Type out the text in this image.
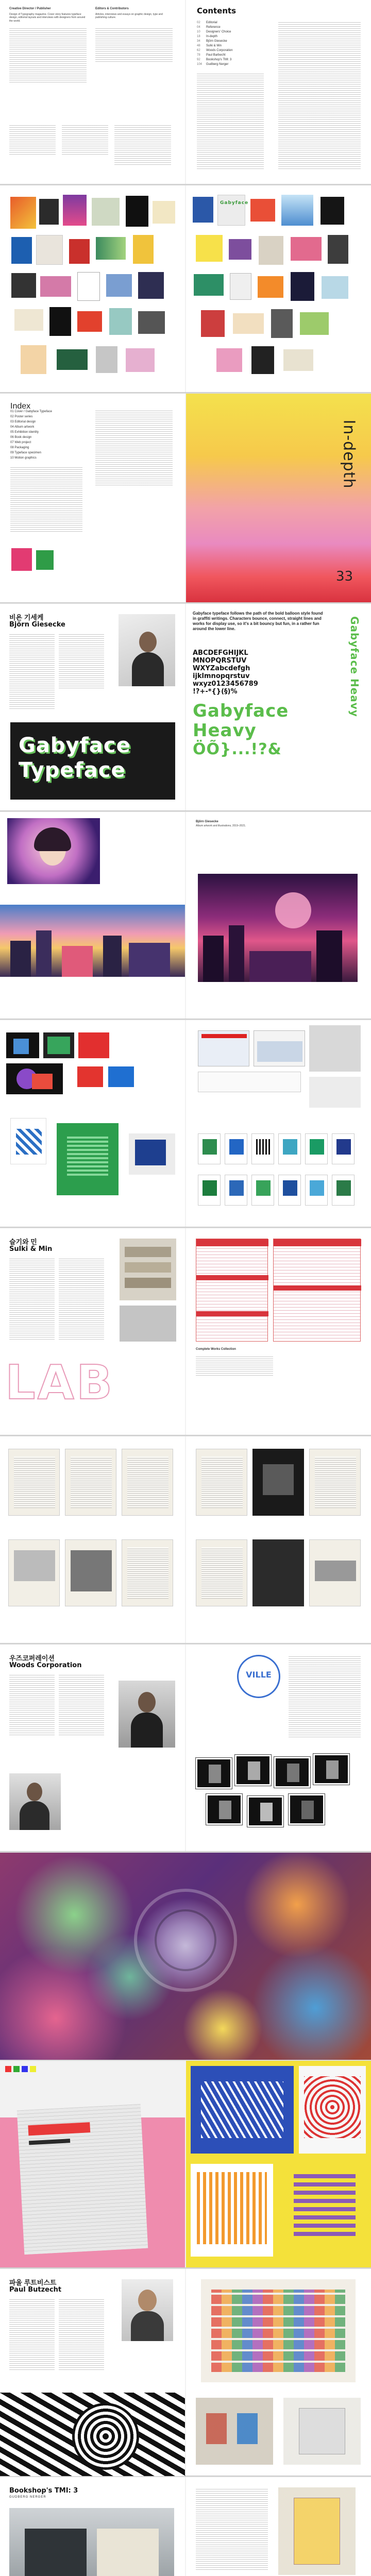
Creative Director / Publisher
Design of Typography magazine. Cover story features typeface design, editorial layouts and interviews with designers from around the world.
Editors & Contributors
Articles, interviews and essays on graphic design, type and publishing culture.
Contents
02	Editorial
04	Reference
10	Designers' Choice
18	In-depth
34	Björn Giesecke
48	Sulki & Min
62	Woods Corporation
78	Paul Barbecht
92	Bookshop's TMI: 3
104	Gudberg Nerger
Gabyface
Index
01 Cover / Gabyface Typeface
02 Poster series
03 Editorial design
04 Album artwork
05 Exhibition identity
06 Book design
07 Web project
08 Packaging
09 Typeface specimen
10 Motion graphics	In-depth
33
비욘 기세케
Björn Giesecke
Gabyface
Typeface
Gabyface typeface follows the path of the bold balloon style found in graffiti writings. Characters bounce, connect, straight lines and works for display use, so it's a bit bouncy but fun, in a rather fun around the lower line.
ABCDEFGHIJKL
MNOPQRSTUV
WXYZabcdefgh
ijklmnopqrstuv
wxyz0123456789
!?+-*{}(§)%
Gabyface
Heavy
ÖÕ}...!?&
Gabyface Heavy
Björn Giesecke
Album artwork and illustrations, 2019–2021.
슬기와 민
Sulki & Min
LAB
Complete Works Collection
우즈코퍼레이션
Woods Corporation
VILLE
파울 루트비스트
Paul Butzecht
Bookshop's TMI: 3
GUDBERG NERGER
